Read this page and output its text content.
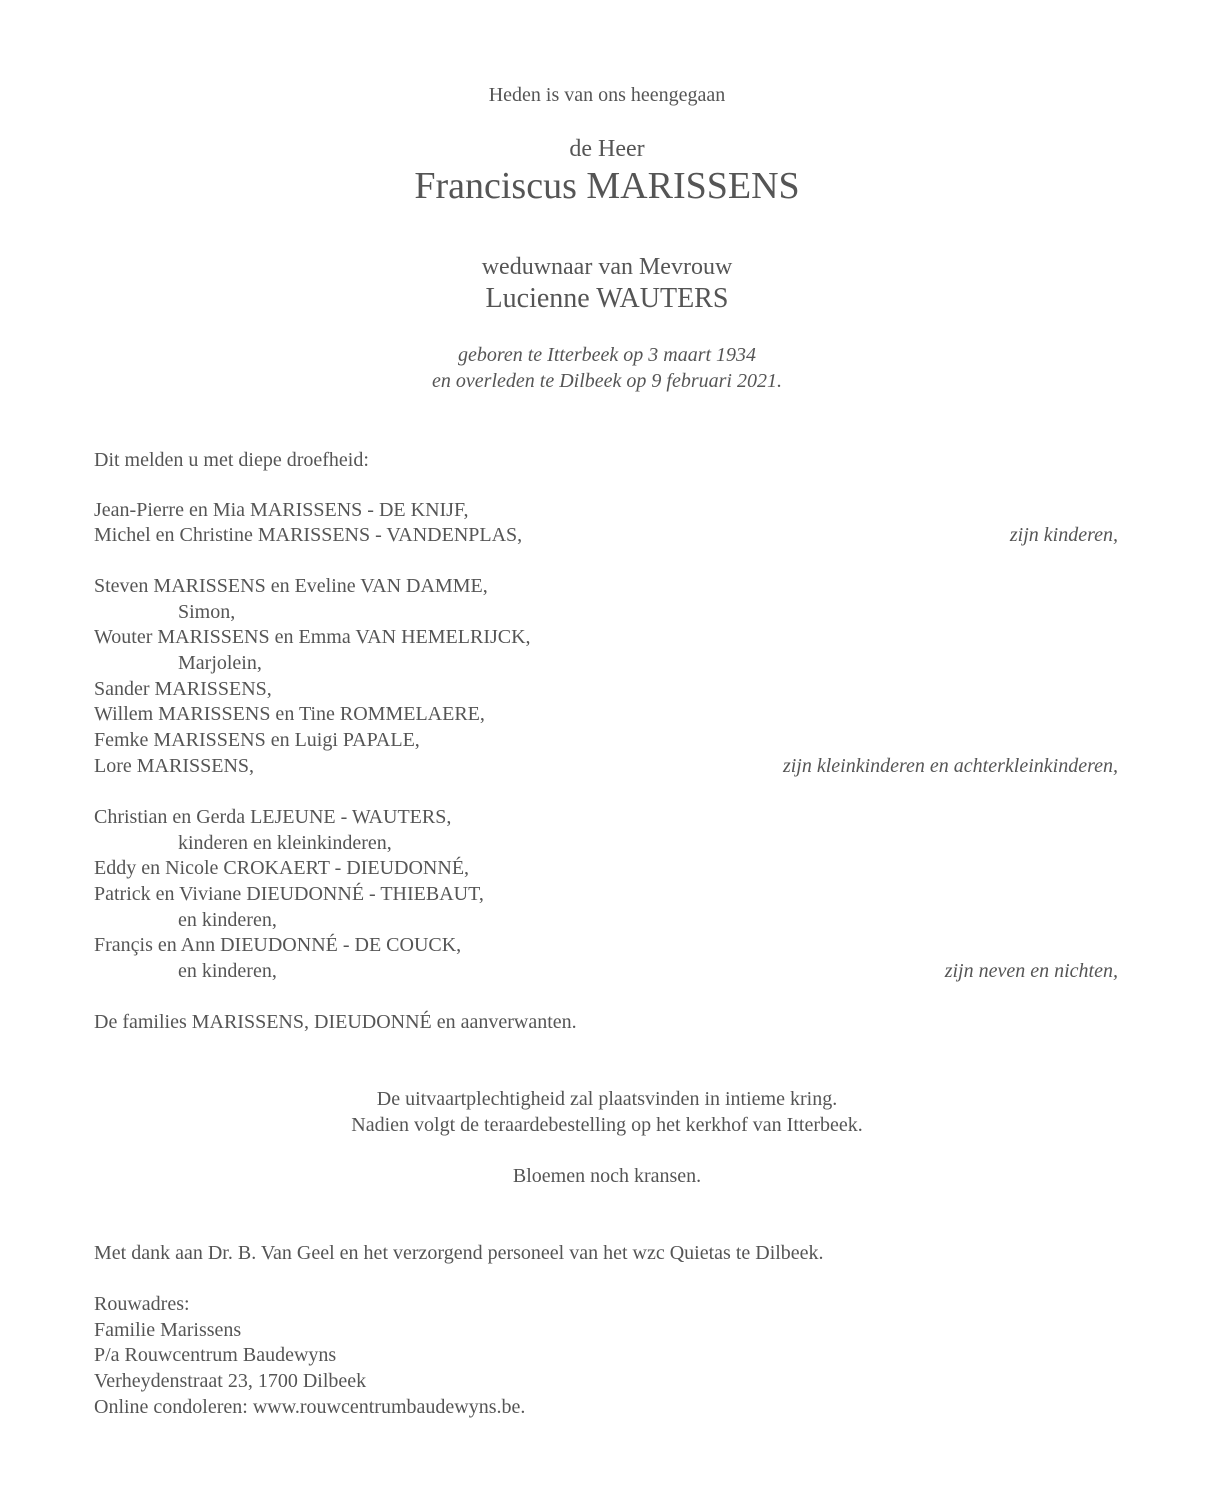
Heden is van ons heengegaan
de Heer
Franciscus MARISSENS
weduwnaar van Mevrouw
Lucienne WAUTERS
geboren te Itterbeek op 3 maart 1934
en overleden te Dilbeek op 9 februari 2021.
Dit melden u met diepe droefheid:
Jean-Pierre en Mia MARISSENS - DE KNIJF,
Michel en Christine MARISSENS - VANDENPLAS,	zijn kinderen,
Steven MARISSENS en Eveline VAN DAMME,
Simon,
Wouter MARISSENS en Emma VAN HEMELRIJCK,
Marjolein,
Sander MARISSENS,
Willem MARISSENS en Tine ROMMELAERE,
Femke MARISSENS en Luigi PAPALE,
Lore MARISSENS,	zijn kleinkinderen en achterkleinkinderen,
Christian en Gerda LEJEUNE - WAUTERS,
kinderen en kleinkinderen,
Eddy en Nicole CROKAERT - DIEUDONNÉ,
Patrick en Viviane DIEUDONNÉ - THIEBAUT,
en kinderen,
Françis en Ann DIEUDONNÉ - DE COUCK,
en kinderen,	zijn neven en nichten,
De families MARISSENS, DIEUDONNÉ en aanverwanten.
De uitvaartplechtigheid zal plaatsvinden in intieme kring.
Nadien volgt de teraardebestelling op het kerkhof van Itterbeek.
Bloemen noch kransen.
Met dank aan Dr. B. Van Geel en het verzorgend personeel van het wzc Quietas te Dilbeek.
Rouwadres:
Familie Marissens
P/a Rouwcentrum Baudewyns
Verheydenstraat 23, 1700 Dilbeek
Online condoleren: www.rouwcentrumbaudewyns.be.
